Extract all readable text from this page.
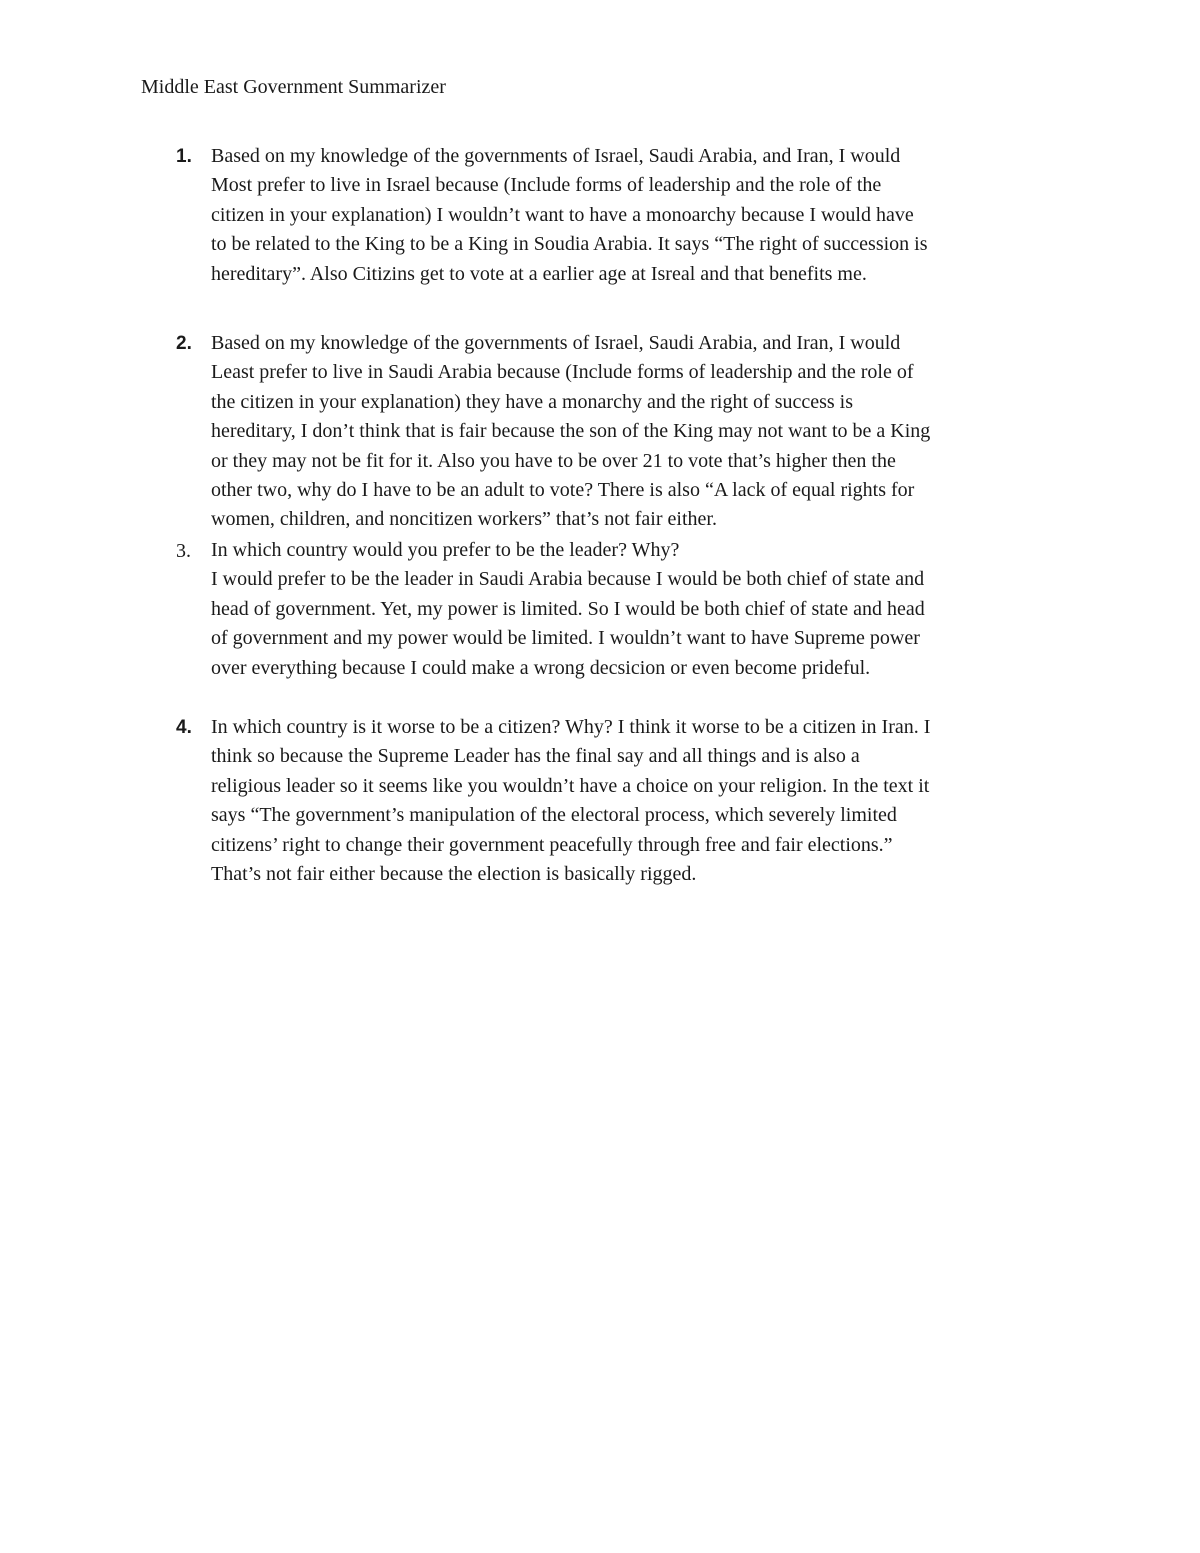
Middle East Government Summarizer
1. Based on my knowledge of the governments of Israel, Saudi Arabia, and Iran, I would
Most prefer to live in Israel because (Include forms of leadership and the role of the
citizen in your explanation) I wouldn’t want to have a monoarchy because I would have
to be related to the King to be a King in Soudia Arabia. It says “The right of succession is
hereditary”. Also Citizins get to vote at a earlier age at Isreal and that benefits me.
2. Based on my knowledge of the governments of Israel, Saudi Arabia, and Iran, I would
Least prefer to live in Saudi Arabia because (Include forms of leadership and the role of
the citizen in your explanation) they have a monarchy and the right of success is
hereditary, I don’t think that is fair because the son of the King may not want to be a King
or they may not be fit for it. Also you have to be over 21 to vote that’s higher then the
other two, why do I have to be an adult to vote? There is also “A lack of equal rights for
women, children, and noncitizen workers” that’s not fair either.
3. In which country would you prefer to be the leader? Why?
I would prefer to be the leader in Saudi Arabia because I would be both chief of state and
head of government. Yet, my power is limited. So I would be both chief of state and head
of government and my power would be limited. I wouldn’t want to have Supreme power
over everything because I could make a wrong decsicion or even become prideful.
4. In which country is it worse to be a citizen? Why? I think it worse to be a citizen in Iran. I
think so because the Supreme Leader has the final say and all things and is also a
religious leader so it seems like you wouldn’t have a choice on your religion. In the text it
says “The government’s manipulation of the electoral process, which severely limited
citizens’ right to change their government peacefully through free and fair elections.”
That’s not fair either because the election is basically rigged.
